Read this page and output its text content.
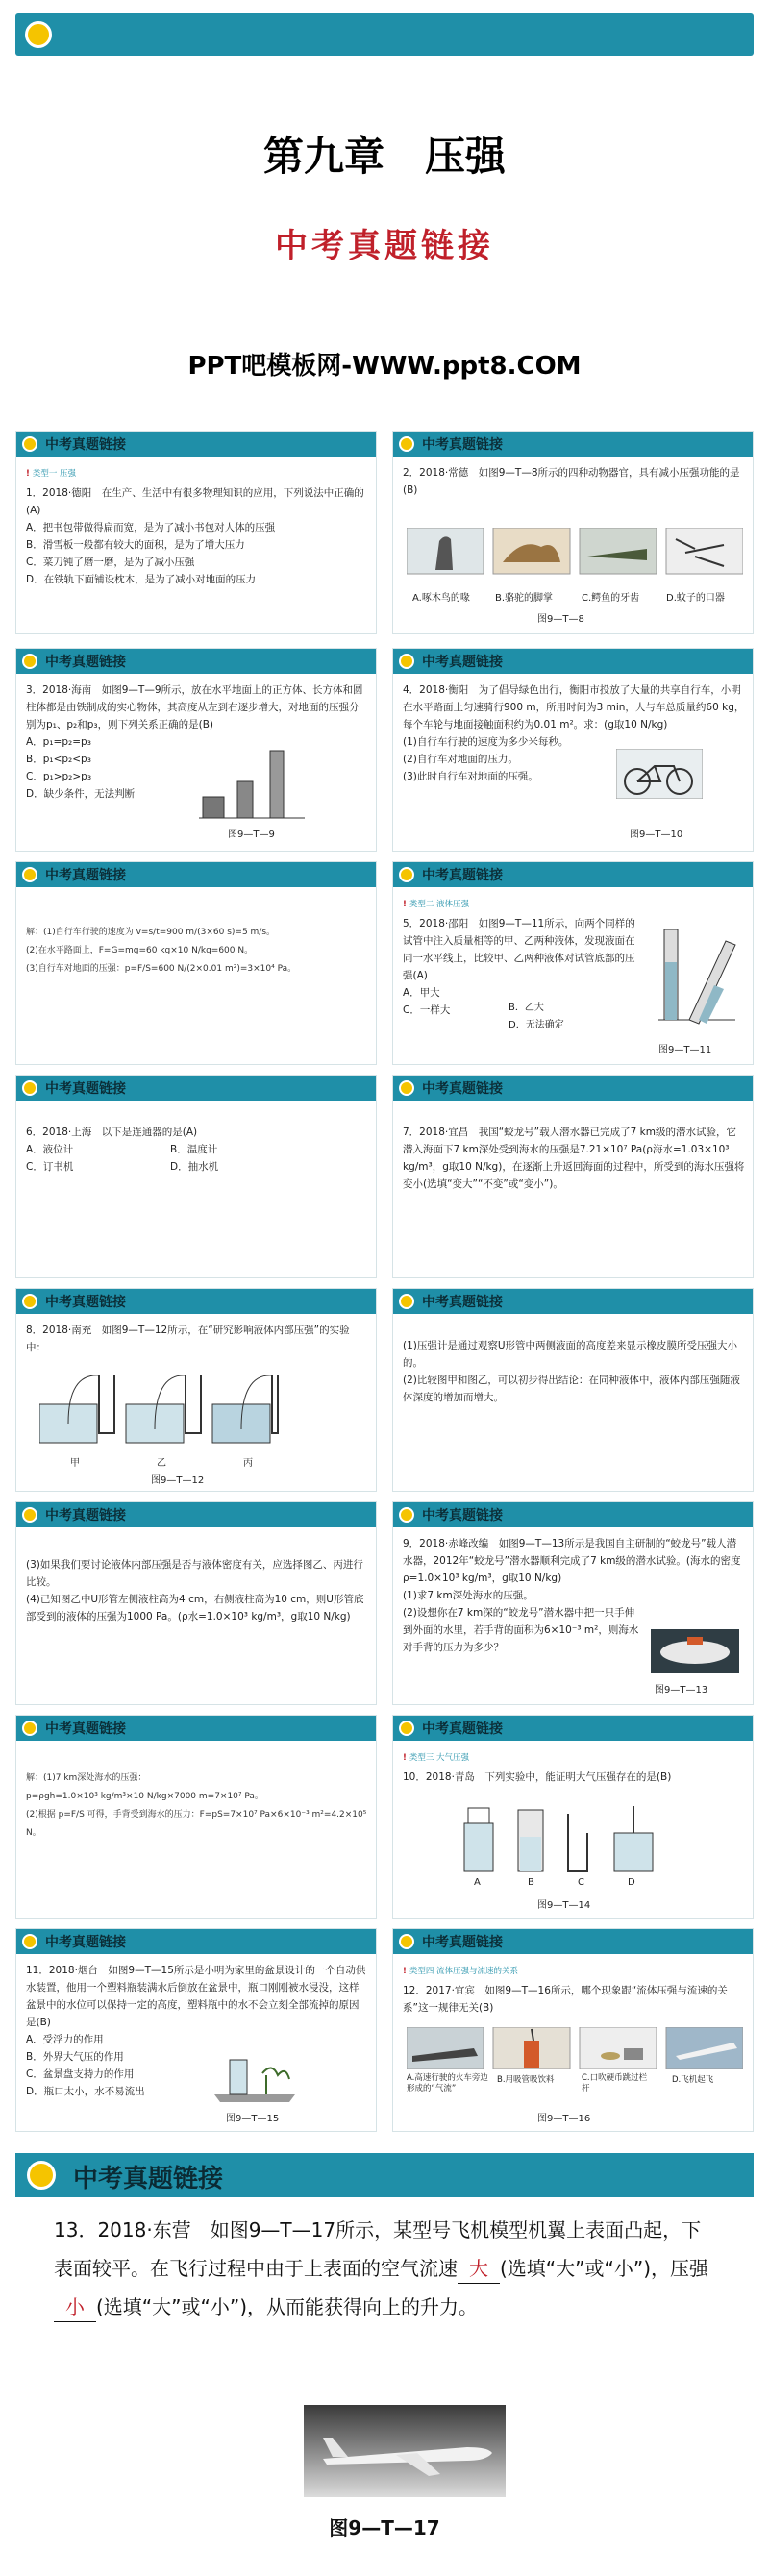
第九章　压强
中考真题链接
PPT吧模板网-WWW.ppt8.COM
中考真题链接
! 类型一 压强
1．2018·德阳　在生产、生活中有很多物理知识的应用，下列说法中正确的(A)
A．把书包带做得扁而宽，是为了减小书包对人体的压强
B．滑雪板一般都有较大的面积，是为了增大压力
C．菜刀钝了磨一磨，是为了减小压强
D．在铁轨下面铺设枕木，是为了减小对地面的压力
中考真题链接
2．2018·常德　如图9—T—8所示的四种动物器官，具有减小压强功能的是(B)
A.啄木鸟的喙	B.骆驼的脚掌	C.鳄鱼的牙齿	D.蚊子的口器
图9—T—8
中考真题链接
3．2018·海南　如图9—T—9所示，放在水平地面上的正方体、长方体和圆柱体都是由铁制成的实心物体，其高度从左到右逐步增大，对地面的压强分别为p₁、p₂和p₃，则下列关系正确的是(B)
A．p₁=p₂=p₃
B．p₁<p₂<p₃
C．p₁>p₂>p₃
D．缺少条件，无法判断
图9—T—9
中考真题链接
4．2018·衡阳　为了倡导绿色出行，衡阳市投放了大量的共享自行车，小明在水平路面上匀速骑行900 m，所用时间为3 min，人与车总质量约60 kg，每个车轮与地面接触面积约为0.01 m²。求：(g取10 N/kg)
(1)自行车行驶的速度为多少米每秒。
(2)自行车对地面的压力。
(3)此时自行车对地面的压强。
图9—T—10
中考真题链接
解：(1)自行车行驶的速度为 v=s/t=900 m/(3×60 s)=5 m/s。
(2)在水平路面上，F=G=mg=60 kg×10 N/kg=600 N。
(3)自行车对地面的压强：p=F/S=600 N/(2×0.01 m²)=3×10⁴ Pa。
中考真题链接
! 类型二 液体压强
5．2018·邵阳　如图9—T—11所示，向两个同样的试管中注入质量相等的甲、乙两种液体，发现液面在同一水平线上，比较甲、乙两种液体对试管底部的压强(A)
A．甲大
C．一样大	B．乙大
D．无法确定
图9—T—11
中考真题链接
6．2018·上海　以下是连通器的是(A)
A．液位计	B．温度计
C．订书机	D．抽水机
中考真题链接
7．2018·宜昌　我国“蛟龙号”载人潜水器已完成了7 km级的潜水试验，它潜入海面下7 km深处受到海水的压强是7.21×10⁷ Pa(ρ海水=1.03×10³ kg/m³，g取10 N/kg)，在逐渐上升返回海面的过程中，所受到的海水压强将变小(选填“变大”“不变”或“变小”)。
中考真题链接
8．2018·南充　如图9—T—12所示，在“研究影响液体内部压强”的实验中：
甲	乙	丙
图9—T—12
中考真题链接
(1)压强计是通过观察U形管中两侧液面的高度差来显示橡皮膜所受压强大小的。
(2)比较图甲和图乙，可以初步得出结论：在同种液体中，液体内部压强随液体深度的增加而增大。
中考真题链接
(3)如果我们要讨论液体内部压强是否与液体密度有关，应选择图乙、丙进行比较。
(4)已知图乙中U形管左侧液柱高为4 cm，右侧液柱高为10 cm，则U形管底部受到的液体的压强为1000 Pa。(ρ水=1.0×10³ kg/m³，g取10 N/kg)
中考真题链接
9．2018·赤峰改编　如图9—T—13所示是我国自主研制的“蛟龙号”载人潜水器，2012年“蛟龙号”潜水器顺利完成了7 km级的潜水试验。(海水的密度ρ=1.0×10³ kg/m³，g取10 N/kg)
(1)求7 km深处海水的压强。
(2)设想你在7 km深的“蛟龙号”潜水器中把一只手伸到外面的水里，若手背的面积为6×10⁻³ m²，则海水对手背的压力为多少？
图9—T—13
中考真题链接
解：(1)7 km深处海水的压强：
p=ρgh=1.0×10³ kg/m³×10 N/kg×7000 m=7×10⁷ Pa。
(2)根据 p=F/S 可得，手背受到海水的压力：F=pS=7×10⁷ Pa×6×10⁻³ m²=4.2×10⁵ N。
中考真题链接
! 类型三 大气压强
10．2018·青岛　下列实验中，能证明大气压强存在的是(B)
A	B	C	D
图9—T—14
中考真题链接
13．2018·东营　如图9—T—17所示，某型号飞机模型机翼上表面凸起，下表面较平。在飞行过程中由于上表面的空气流速 大 (选填“大”或“小”)，压强小 (选填“大”或“小”)，从而能获得向上的升力。
图9—T—17
中考真题链接
11．2018·烟台　如图9—T—15所示是小明为家里的盆景设计的一个自动供水装置，他用一个塑料瓶装满水后倒放在盆景中，瓶口刚刚被水浸没，这样盆景中的水位可以保持一定的高度，塑料瓶中的水不会立刻全部流掉的原因是(B)
A．受浮力的作用
B．外界大气压的作用
C．盆景盘支持力的作用
D．瓶口太小，水不易流出
图9—T—15
中考真题链接
! 类型四 流体压强与流速的关系
12．2017·宜宾　如图9—T—16所示，哪个现象跟“流体压强与流速的关系”这一规律无关(B)
A.高速行驶的火车旁边形成的“气流”
B.用吸管吸饮料	C.口吹硬币跳过栏杆
D.飞机起飞
图9—T—16
